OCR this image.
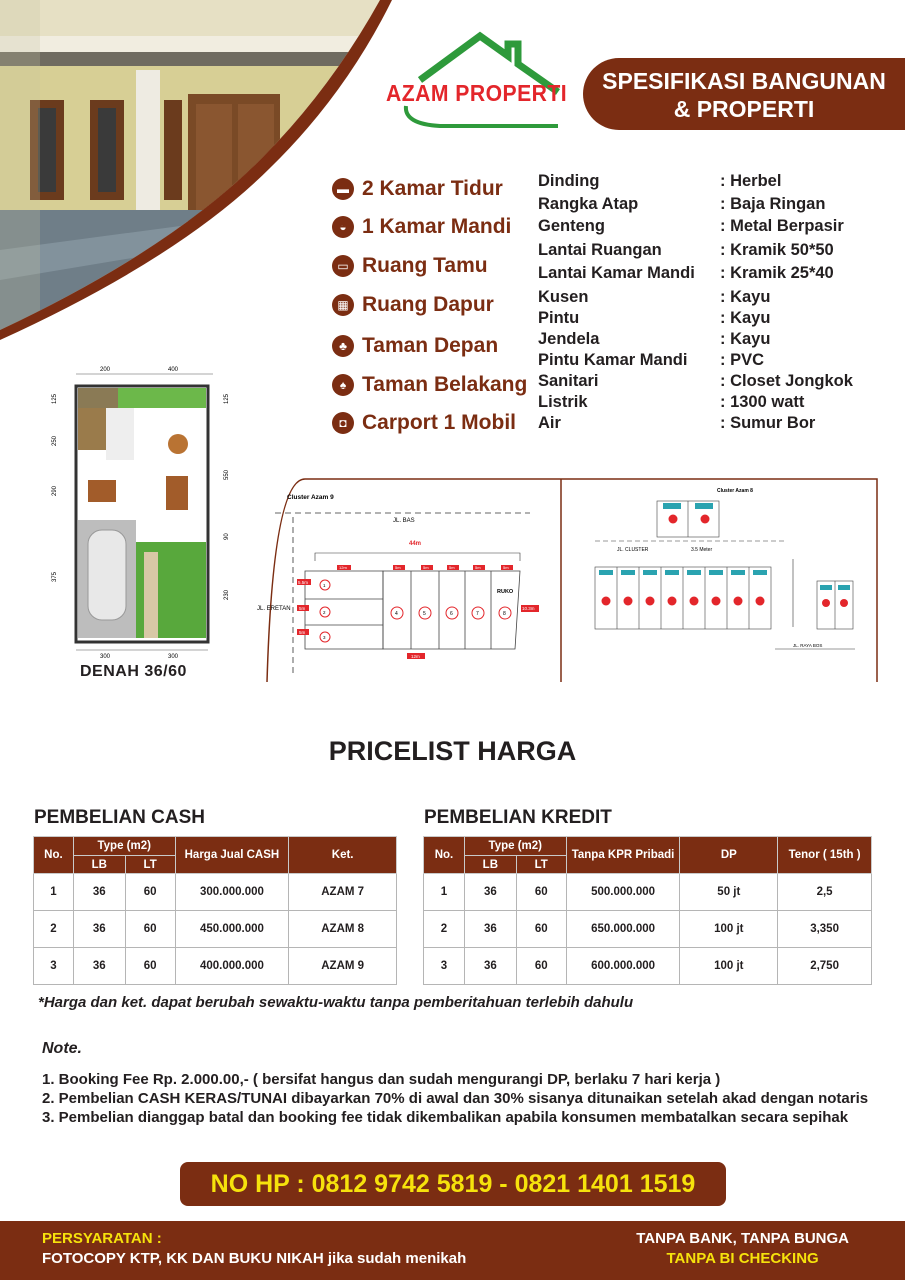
AZAM PROPERTI	SPESIFIKASI BANGUNAN
& PROPERTI
▬ 2 Kamar Tidur
◒ 1 Kamar Mandi
▭ Ruang Tamu
▦ Ruang Dapur
♣ Taman Depan
♠ Taman Belakang
◘ Carport 1 Mobil
Dinding	: Herbel
Rangka Atap	: Baja Ringan
Genteng	: Metal Berpasir
Lantai Ruangan	: Kramik 50*50
Lantai Kamar Mandi : Kramik 25*40
Kusen	: Kayu
Pintu	: Kayu
Jendela	: Kayu
Pintu Kamar Mandi : PVC
Sanitari	: Closet Jongkok
Listrik	: 1300 watt
Air	: Sumur Bor
200	400
125
250
290
375
125
550
90
230
300	300
DENAH 36/60
Cluster Azam 9
JL. BAS
JL. ERETAN
44m
12m
5.5m
5m
5m
1
2
3
5m	5m	5m	5m	5m
4	5	6	7	8
RUKO
10.3m
12m
Cluster Azam 8
JL. CLUSTER	3.5 Meter
JL. RAYA BOS
PRICELIST HARGA
PEMBELIAN CASH
No.	Type (m2)		Harga Jual CASH	Ket.
	LB	LT		
1	36	60	300.000.000	AZAM 7
2	36	60	450.000.000	AZAM 8
3	36	60	400.000.000	AZAM 9
PEMBELIAN KREDIT
No.	Type (m2)		Tanpa KPR Pribadi	DP	Tenor ( 15th )
	LB	LT			
1	36	60	500.000.000	50 jt	2,5
2	36	60	650.000.000	100 jt	3,350
3	36	60	600.000.000	100 jt	2,750
*Harga dan ket. dapat berubah sewaktu-waktu tanpa pemberitahuan terlebih dahulu
Note.
1. Booking Fee Rp. 2.000.00,- ( bersifat hangus dan sudah mengurangi DP, berlaku 7 hari kerja )
2. Pembelian CASH KERAS/TUNAI dibayarkan 70% di awal dan 30% sisanya ditunaikan setelah akad dengan notaris
3. Pembelian dianggap batal dan booking fee tidak dikembalikan apabila konsumen membatalkan secara sepihak
NO HP : 0812 9742 5819 - 0821 1401 1519
PERSYARATAN :
FOTOCOPY KTP, KK DAN BUKU NIKAH jika sudah menikah
TANPA BANK, TANPA BUNGA
TANPA BI CHECKING
